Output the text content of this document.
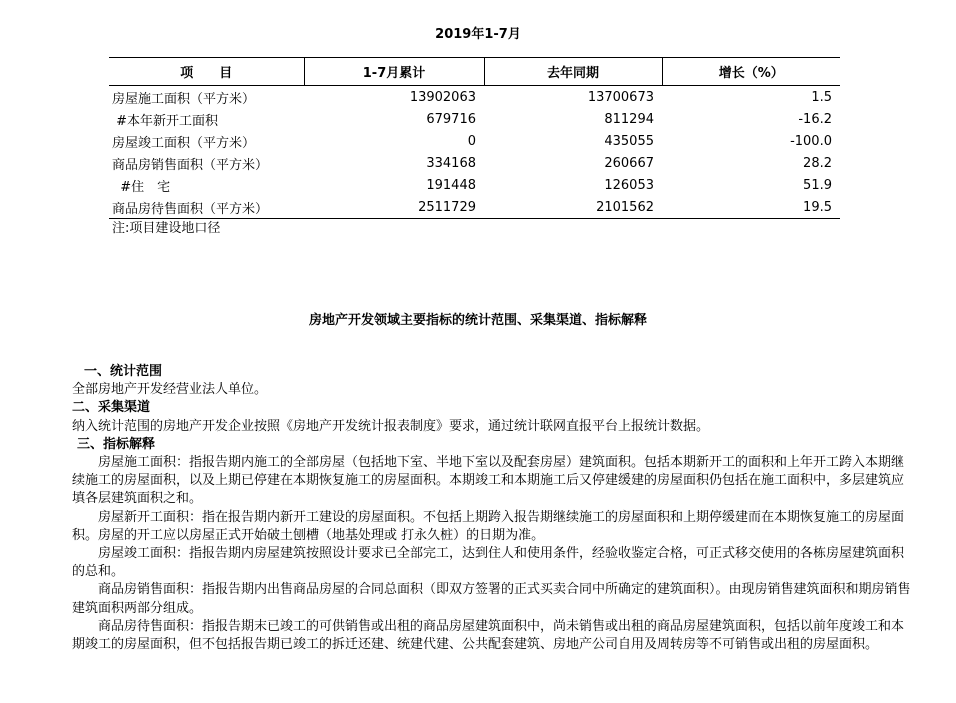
2019年1-7月
项　　目	1-7月累计	去年同期	增长（%）
房屋施工面积（平方米）	13902063	13700673	1.5
#本年新开工面积	679716	811294	-16.2
房屋竣工面积（平方米）	0	435055	-100.0
商品房销售面积（平方米）	334168	260667	28.2
#住　宅	191448	126053	51.9
商品房待售面积（平方米）	2511729	2101562	19.5
注:项目建设地口径
房地产开发领域主要指标的统计范围、采集渠道、指标解释

一、统计范围

全部房地产开发经营业法人单位。

二、采集渠道

纳入统计范围的房地产开发企业按照《房地产开发统计报表制度》要求，通过统计联网直报平台上报统计数据。

三、指标解释

　　房屋施工面积：指报告期内施工的全部房屋（包括地下室、半地下室以及配套房屋）建筑面积。包括本期新开工的面积和上年开工跨入本期继续施工的房屋面积，以及上期已停建在本期恢复施工的房屋面积。本期竣工和本期施工后又停建缓建的房屋面积仍包括在施工面积中，多层建筑应填各层建筑面积之和。

　　房屋新开工面积：指在报告期内新开工建设的房屋面积。不包括上期跨入报告期继续施工的房屋面积和上期停缓建而在本期恢复施工的房屋面积。房屋的开工应以房屋正式开始破土刨槽（地基处理或 打永久桩）的日期为准。

　　房屋竣工面积：指报告期内房屋建筑按照设计要求已全部完工，达到住人和使用条件，经验收鉴定合格，可正式移交使用的各栋房屋建筑面积的总和。

　　商品房销售面积：指报告期内出售商品房屋的合同总面积（即双方签署的正式买卖合同中所确定的建筑面积）。由现房销售建筑面积和期房销售建筑面积两部分组成。

　　商品房待售面积：指报告期末已竣工的可供销售或出租的商品房屋建筑面积中，尚未销售或出租的商品房屋建筑面积，包括以前年度竣工和本期竣工的房屋面积，但不包括报告期已竣工的拆迁还建、统建代建、公共配套建筑、房地产公司自用及周转房等不可销售或出租的房屋面积。
